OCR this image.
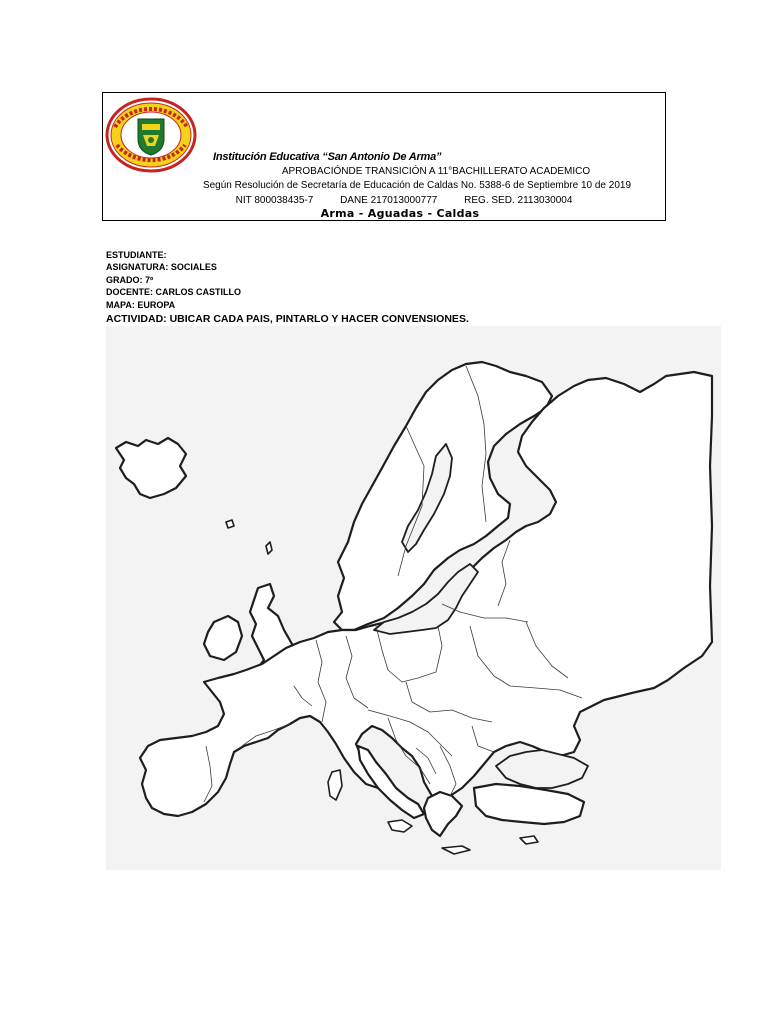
Institución Educativa “San Antonio De Arma”
APROBACIÓNDE TRANSICIÓN A 11°BACHILLERATO ACADEMICO
Según Resolución de Secretaría de Educación de Caldas No. 5388-6 de Septiembre 10 de 2019
NIT 800038435-7	DANE 217013000777	REG. SED. 2113030004
Arma - Aguadas - Caldas
ESTUDIANTE:
ASIGNATURA: SOCIALES
GRADO: 7º
DOCENTE: CARLOS CASTILLO
MAPA: EUROPA
ACTIVIDAD: UBICAR CADA PAIS, PINTARLO Y HACER CONVENSIONES.
